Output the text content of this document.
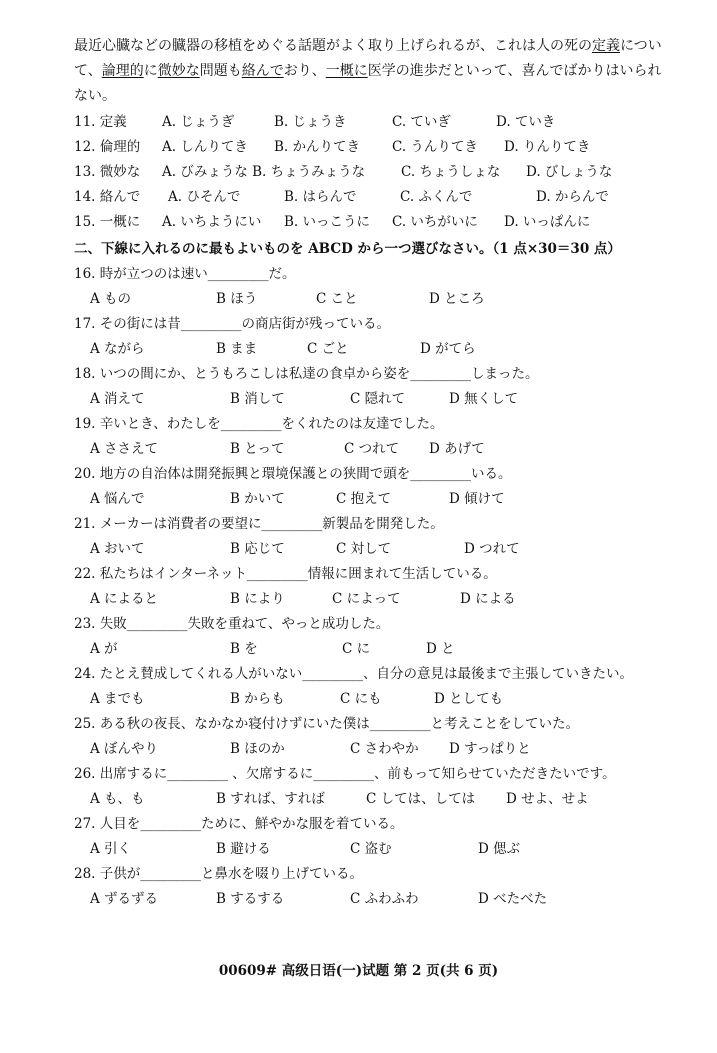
最近心臓などの臓器の移植をめぐる話題がよく取り上げられるが、これは人の死の定義について、論理的に微妙な問題も絡んでおり、一概に医学の進歩だといって、喜んでばかりはいられない。

11. 定義	A. じょうぎ	B. じょうき	C. ていぎ	D. ていき
12. 倫理的 A. しんりてき B. かんりてき C. うんりてき D. りんりてき
13. 微妙な A. びみょうな B. ちょうみょうな	C. ちょうしょな D. びしょうな
14. 絡んで A. ひそんで	B. はらんで	C. ふくんで	D. からんで
15. 一概に A. いちようにい B. いっこうに C. いちがいに D. いっぱんに
二、下線に入れるのに最もよいものを ABCD から一つ選びなさい。（1 点×30＝30 点）
16. 時が立つのは速い_________だ。
A もの	B ほう	C こと	D ところ
17. その街には昔_________の商店街が残っている。
A ながら	B まま	C ごと	D がてら
18. いつの間にか、とうもろこしは私達の食卓から姿を_________しまった。
A 消えて	B 消して	C 隠れて	D 無くして
19. 辛いとき、わたしを_________をくれたのは友達でした。
A ささえて	B とって	C つれて D あげて
20. 地方の自治体は開発振興と環境保護との狭間で頭を_________いる。
A 悩んで	B かいて	C 抱えて	D 傾けて
21. メーカーは消費者の要望に_________新製品を開発した。
A おいて	B 応じて	C 対して	D つれて
22. 私たちはインターネット_________情報に囲まれて生活している。
A によると	B により	C によって	D による
23. 失敗_________失敗を重ねて、やっと成功した。
A が	B を	C に	D と
24. たとえ賛成してくれる人がいない_________、自分の意見は最後まで主張していきたい。
A までも	B からも	C にも	D としても
25. ある秋の夜長、なかなか寝付けずにいた僕は_________と考えことをしていた。
A ぼんやり	B ほのか	C さわやか D すっぱりと
26. 出席するに_________ 、欠席するに_________、前もって知らせていただきたいです。
A も、も	B すれば、すれば	C しては、しては D せよ、せよ
27. 人目を_________ために、鮮やかな服を着ている。
A 引く	B 避ける	C 盗む	D 偲ぶ
28. 子供が_________と鼻水を啜り上げている。
A ずるずる	B するする	C ふわふわ	D べたべた
00609# 高级日语(一)试题 第 2 页(共 6 页)
